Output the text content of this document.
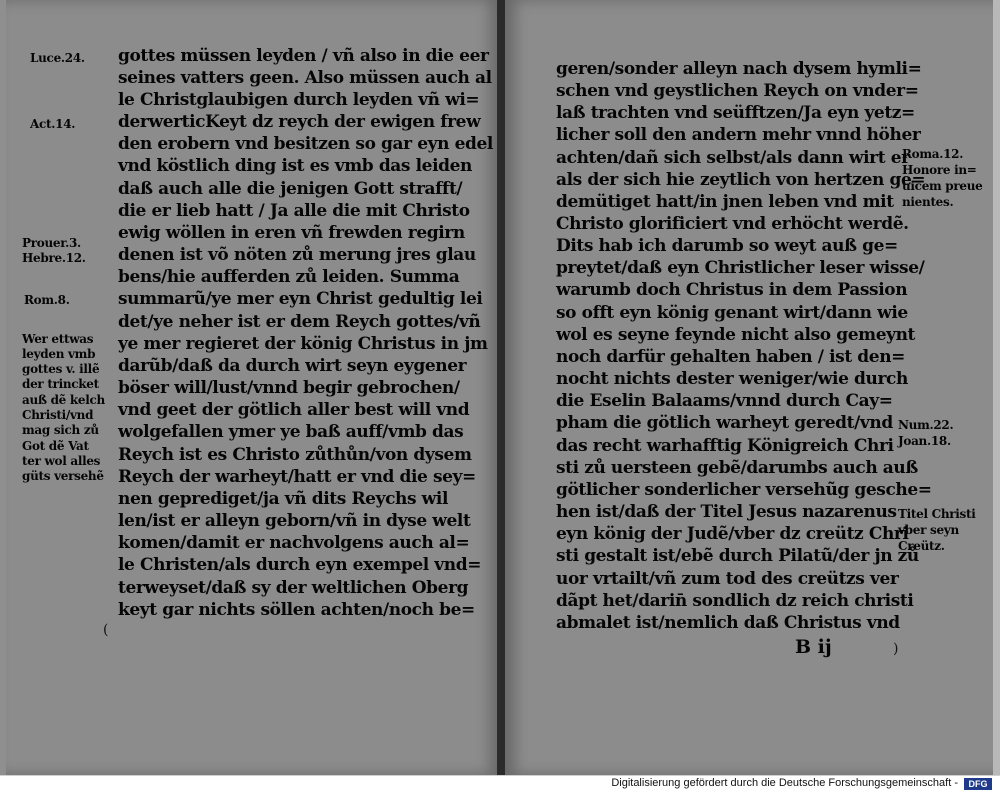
gottes müssen leyden / vñ also in die eer

seines vatters geen. Also müssen auch al

le Christglaubigen durch leyden vñ wi=

derwerticKeyt dz reych der ewigen frew

den erobern vnd besitzen so gar eyn edel

vnd köstlich ding ist es vmb das leiden

daß auch alle die jenigen Gott strafft/

die er lieb hatt / Ja alle die mit Christo

ewig wöllen in eren vñ frewden regirn

denen ist võ nöten zů merung jres glau

bens/hie aufferden zů leiden. Summa

summarũ/ye mer eyn Christ gedultig lei

det/ye neher ist er dem Reych gottes/vñ

ye mer regieret der könig Christus in jm

darũb/daß da durch wirt seyn eygener

böser will/lust/vnnd begir gebrochen/

vnd geet der götlich aller best will vnd

wolgefallen ymer ye baß auff/vmb das

Reych ist es Christo zůthůn/von dysem

Reych der warheyt/hatt er vnd die sey=

nen geprediget/ja vñ dits Reychs wil

len/ist er alleyn geborn/vñ in dyse welt

komen/damit er nachvolgens auch al=

le Christen/als durch eyn exempel vnd=

terweyset/daß sy der weltlichen Oberg

keyt gar nichts söllen achten/noch be=

Luce.24.
Act.14.
Prouer.3.
Hebre.12.
Rom.8.
Wer ettwas
leyden vmb
gottes v. illẽ
der trincket
auß dẽ kelch
Christi/vnd
mag sich zů
Got dẽ Vat
ter wol alles
güts versehẽ
(

geren/sonder alleyn nach dysem hymli=

schen vnd geystlichen Reych on vnder=

laß trachten vnd seüfftzen/Ja eyn yetz=

licher soll den andern mehr vnnd höher

achten/dañ sich selbst/als dann wirt er

als der sich hie zeytlich von hertzen ge=

demütiget hatt/in jnen leben vnd mit

Christo glorificiert vnd erhöcht werdẽ.

Dits hab ich darumb so weyt auß ge=

preytet/daß eyn Christlicher leser wisse/

warumb doch Christus in dem Passion

so offt eyn könig genant wirt/dann wie

wol es seyne feynde nicht also gemeynt

noch darfür gehalten haben / ist den=

nocht nichts dester weniger/wie durch

die Eselin Balaams/vnnd durch Cay=

pham die götlich warheyt geredt/vnd

das recht warhafftig Königreich Chri

sti zů uersteen gebẽ/darumbs auch auß

götlicher sonderlicher versehũg gesche=

hen ist/daß der Titel Jesus nazarenus

eyn könig der Judẽ/vber dz creütz Chri

sti gestalt ist/ebẽ durch Pilatũ/der jn zů

uor vrtailt/vñ zum tod des creützs ver

dãpt het/darin̄ sondlich dz reich christi

abmalet ist/nemlich daß Christus vnd

Roma.12.
Honore in=
uicem preue
nientes.
Num.22.
Joan.18.
Titel Christi
vber seyn
Creütz.
B ij	)
Digitalisierung gefördert durch die Deutsche Forschungsgemeinschaft -	DFG
